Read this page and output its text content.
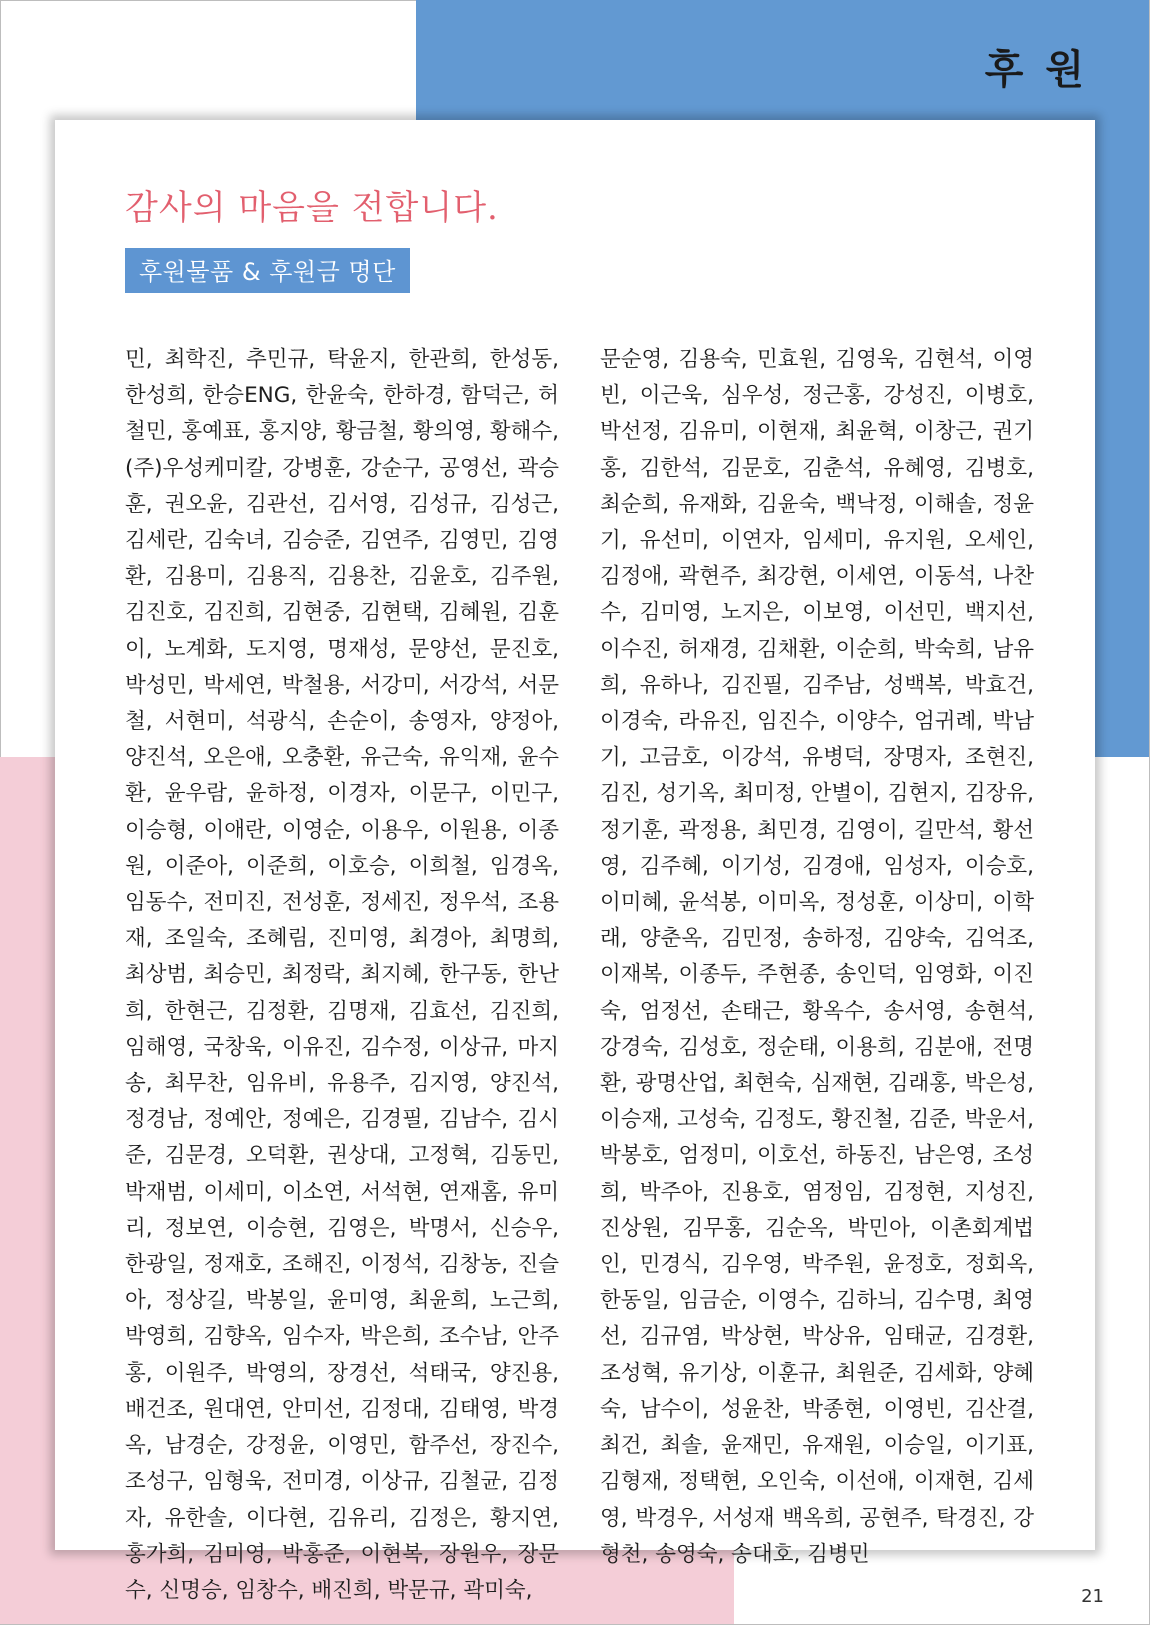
후 원
감사의 마음을 전합니다.
후원물품 & 후원금 명단
민, 최학진, 추민규, 탁윤지, 한관희, 한성동, 한성희, 한승ENG, 한윤숙, 한하경, 함덕근, 허철민, 홍예표, 홍지양, 황금철, 황의영, 황해수, (주)우성케미칼, 강병훈, 강순구, 공영선, 곽승훈, 권오윤, 김관선, 김서영, 김성규, 김성근, 김세란, 김숙녀, 김승준, 김연주, 김영민, 김영환, 김용미, 김용직, 김용찬, 김윤호, 김주원, 김진호, 김진희, 김현중, 김현택, 김혜원, 김훈이, 노계화, 도지영, 명재성, 문양선, 문진호, 박성민, 박세연, 박철용, 서강미, 서강석, 서문철, 서현미, 석광식, 손순이, 송영자, 양정아, 양진석, 오은애, 오충환, 유근숙, 유익재, 윤수환, 윤우람, 윤하정, 이경자, 이문구, 이민구, 이승형, 이애란, 이영순, 이용우, 이원용, 이종원, 이준아, 이준희, 이호승, 이희철, 임경옥, 임동수, 전미진, 전성훈, 정세진, 정우석, 조용재, 조일숙, 조혜림, 진미영, 최경아, 최명희, 최상범, 최승민, 최정락, 최지혜, 한구동, 한난희, 한현근, 김정환, 김명재, 김효선, 김진희, 임해영, 국창욱, 이유진, 김수정, 이상규, 마지송, 최무찬, 임유비, 유용주, 김지영, 양진석, 정경남, 정예안, 정예은, 김경필, 김남수, 김시준, 김문경, 오덕환, 권상대, 고정혁, 김동민, 박재범, 이세미, 이소연, 서석현, 연재홈, 유미리, 정보연, 이승현, 김영은, 박명서, 신승우, 한광일, 정재호, 조해진, 이정석, 김창농, 진슬아, 정상길, 박봉일, 윤미영, 최윤희, 노근희, 박영희, 김향옥, 임수자, 박은희, 조수남, 안주홍, 이원주, 박영의, 장경선, 석태국, 양진용, 배건조, 원대연, 안미선, 김정대, 김태영, 박경옥, 남경순, 강정윤, 이영민, 함주선, 장진수, 조성구, 임형욱, 전미경, 이상규, 김철균, 김정자, 유한솔, 이다현, 김유리, 김정은, 황지연, 홍가희, 김미영, 박홍준, 이현복, 장원우, 장문수, 신명승, 임창수, 배진희, 박문규, 곽미숙,
문순영, 김용숙, 민효원, 김영욱, 김현석, 이영빈, 이근욱, 심우성, 정근홍, 강성진, 이병호, 박선정, 김유미, 이현재, 최윤혁, 이창근, 권기홍, 김한석, 김문호, 김춘석, 유혜영, 김병호, 최순희, 유재화, 김윤숙, 백낙정, 이해솔, 정윤기, 유선미, 이연자, 임세미, 유지원, 오세인, 김정애, 곽현주, 최강현, 이세연, 이동석, 나찬수, 김미영, 노지은, 이보영, 이선민, 백지선, 이수진, 허재경, 김채환, 이순희, 박숙희, 남유희, 유하나, 김진필, 김주남, 성백복, 박효건, 이경숙, 라유진, 임진수, 이양수, 엄귀례, 박남기, 고금호, 이강석, 유병덕, 장명자, 조현진, 김진, 성기옥, 최미정, 안별이, 김현지, 김장유, 정기훈, 곽정용, 최민경, 김영이, 길만석, 황선영, 김주혜, 이기성, 김경애, 임성자, 이승호, 이미혜, 윤석봉, 이미옥, 정성훈, 이상미, 이학래, 양춘옥, 김민정, 송하정, 김양숙, 김억조, 이재복, 이종두, 주현종, 송인덕, 임영화, 이진숙, 엄정선, 손태근, 황옥수, 송서영, 송현석, 강경숙, 김성호, 정순태, 이용희, 김분애, 전명환, 광명산업, 최현숙, 심재현, 김래홍, 박은성, 이승재, 고성숙, 김정도, 황진철, 김준, 박운서, 박봉호, 엄정미, 이호선, 하동진, 남은영, 조성희, 박주아, 진용호, 염정임, 김정현, 지성진, 진상원, 김무홍, 김순옥, 박민아, 이촌회계법인, 민경식, 김우영, 박주원, 윤정호, 정회옥, 한동일, 임금순, 이영수, 김하늬, 김수명, 최영선, 김규염, 박상현, 박상유, 임태균, 김경환, 조성혁, 유기상, 이훈규, 최원준, 김세화, 양혜숙, 남수이, 성윤찬, 박종현, 이영빈, 김산결, 최건, 최솔, 윤재민, 유재원, 이승일, 이기표, 김형재, 정택현, 오인숙, 이선애, 이재현, 김세영, 박경우, 서성재 백옥희, 공현주, 탁경진, 강형천, 송영숙, 송대호, 김병민
21
